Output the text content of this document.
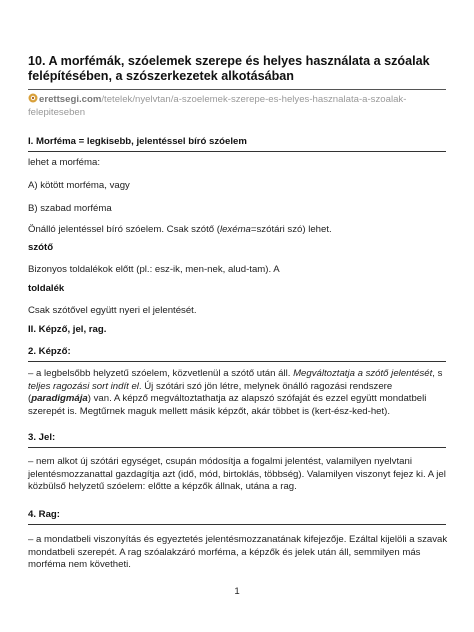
10. A morfémák, szóelemek szerepe és helyes használata a szóalak felépítésében, a szószerkezetek alkotásában
erettsegi.com/tetelek/nyelvtan/a-szoelemek-szerepe-es-helyes-hasznalata-a-szoalak-felepiteseben
I. Morféma = legkisebb, jelentéssel bíró szóelem
lehet a morféma:
A) kötött morféma, vagy
B) szabad morféma
Önálló jelentéssel bíró szóelem. Csak szótő (lexéma=szótári szó) lehet.
szótő
Bizonyos toldalékok előtt (pl.: esz-ik, men-nek, alud-tam). A
toldalék
Csak szótővel együtt nyeri el jelentését.
II. Képző, jel, rag.
2. Képző:
– a legbelsőbb helyzetű szóelem, közvetlenül a szótő után áll. Megváltoztatja a szótő jelentését, s teljes ragozási sort indít el. Új szótári szó jön létre, melynek önálló ragozási rendszere (paradigmája) van. A képző megváltoztathatja az alapszó szófaját és ezzel együtt mondatbeli szerepét is. Megtűrnek maguk mellett másik képzőt, akár többet is (kert-ész-ked-het).
3. Jel:
– nem alkot új szótári egységet, csupán módosítja a fogalmi jelentést, valamilyen nyelvtani jelentésmozzanattal gazdagítja azt (idő, mód, birtoklás, többség). Valamilyen viszonyt fejez ki. A jel közbülső helyzetű szóelem: előtte a képzők állnak, utána a rag.
4. Rag:
– a mondatbeli viszonyítás és egyeztetés jelentésmozzanatának kifejezője. Ezáltal kijelöli a szavak mondatbeli szerepét. A rag szóalakzáró morféma, a képzők és jelek után áll, semmilyen más morféma nem követheti.
1
